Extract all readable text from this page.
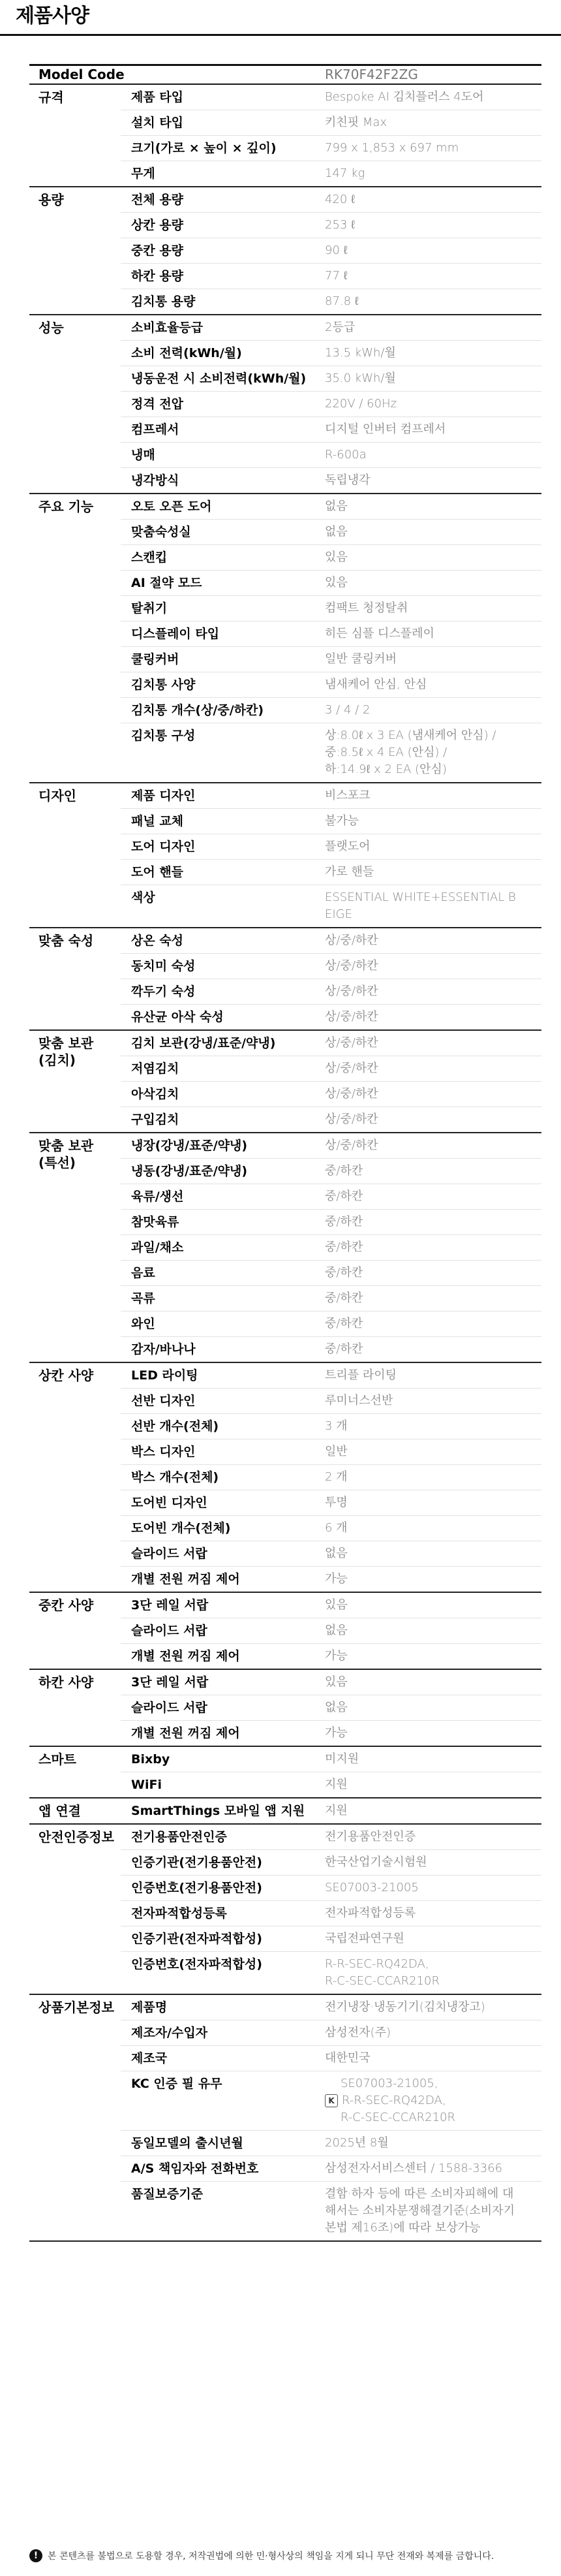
제품사양
Model Code	RK70F42F2ZG
규격	제품 타입	Bespoke AI 김치플러스 4도어
설치 타입	키친핏 Max
크기(가로 × 높이 × 깊이)	799 x 1,853 x 697 mm
무게	147 kg
용량	전체 용량	420 ℓ
상칸 용량	253 ℓ
중칸 용량	90 ℓ
하칸 용량	77 ℓ
김치통 용량	87.8 ℓ
성능	소비효율등급	2등급
소비 전력(kWh/월)	13.5 kWh/월
냉동운전 시 소비전력(kWh/월)	35.0 kWh/월
정격 전압	220V / 60Hz
컴프레서	디지털 인버터 컴프레서
냉매	R-600a
냉각방식	독립냉각
주요 기능	오토 오픈 도어	없음
맞춤숙성실	없음
스캔킵	있음
AI 절약 모드	있음
탈취기	컴팩트 청정탈취
디스플레이 타입	히든 심플 디스플레이
쿨링커버	일반 쿨링커버
김치통 사양	냄새케어 안심, 안심
김치통 개수(상/중/하칸)	3 / 4 / 2
김치통 구성	상:8.0ℓ x 3 EA (냄새케어 안심) /
중:8.5ℓ x 4 EA (안심) /
하:14.9ℓ x 2 EA (안심)
디자인	제품 디자인	비스포크
패널 교체	불가능
도어 디자인	플랫도어
도어 핸들	가로 핸들
색상	ESSENTIAL WHITE+ESSENTIAL B
EIGE
맞춤 숙성	상온 숙성	상/중/하칸
동치미 숙성	상/중/하칸
깍두기 숙성	상/중/하칸
유산균 아삭 숙성	상/중/하칸
맞춤 보관
(김치)
김치 보관(강냉/표준/약냉)	상/중/하칸
저염김치	상/중/하칸
아삭김치	상/중/하칸
구입김치	상/중/하칸
맞춤 보관
(특선)
냉장(강냉/표준/약냉)	상/중/하칸
냉동(강냉/표준/약냉)	중/하칸
육류/생선	중/하칸
참맛육류	중/하칸
과일/채소	중/하칸
음료	중/하칸
곡류	중/하칸
와인	중/하칸
감자/바나나	중/하칸
상칸 사양	LED 라이팅	트리플 라이팅
선반 디자인	루미너스선반
선반 개수(전체)	3 개
박스 디자인	일반
박스 개수(전체)	2 개
도어빈 디자인	투명
도어빈 개수(전체)	6 개
슬라이드 서랍	없음
개별 전원 꺼짐 제어	가능
중칸 사양	3단 레일 서랍	있음
슬라이드 서랍	없음
개별 전원 꺼짐 제어	가능
하칸 사양	3단 레일 서랍	있음
슬라이드 서랍	없음
개별 전원 꺼짐 제어	가능
스마트	Bixby	미지원
WiFi	지원
앱 연결	SmartThings 모바일 앱 지원	지원
안전인증정보	전기용품안전인증	전기용품안전인증
인증기관(전기용품안전)	한국산업기술시험원
인증번호(전기용품안전)	SE07003-21005
전자파적합성등록	전자파적합성등록
인증기관(전자파적합성)	국립전파연구원
인증번호(전자파적합성)	R-R-SEC-RQ42DA,
R-C-SEC-CCAR210R
상품기본정보	제품명	전기냉장·냉동기기(김치냉장고)
제조자/수입자	삼성전자(주)
제조국	대한민국
KC 인증 필 유무	SE07003-21005,
K R-R-SEC-RQ42DA,
R-C-SEC-CCAR210R
동일모델의 출시년월	2025년 8월
A/S 책임자와 전화번호	삼성전자서비스센터 / 1588-3366
품질보증기준	결함·하자 등에 따른 소비자피해에 대
해서는 소비자분쟁해결기준(소비자기
본법 제16조)에 따라 보상가능
!	본 콘텐츠를 불법으로 도용할 경우, 저작권법에 의한 민·형사상의 책임을 지게 되니 무단 전재와 복제를 금합니다.
